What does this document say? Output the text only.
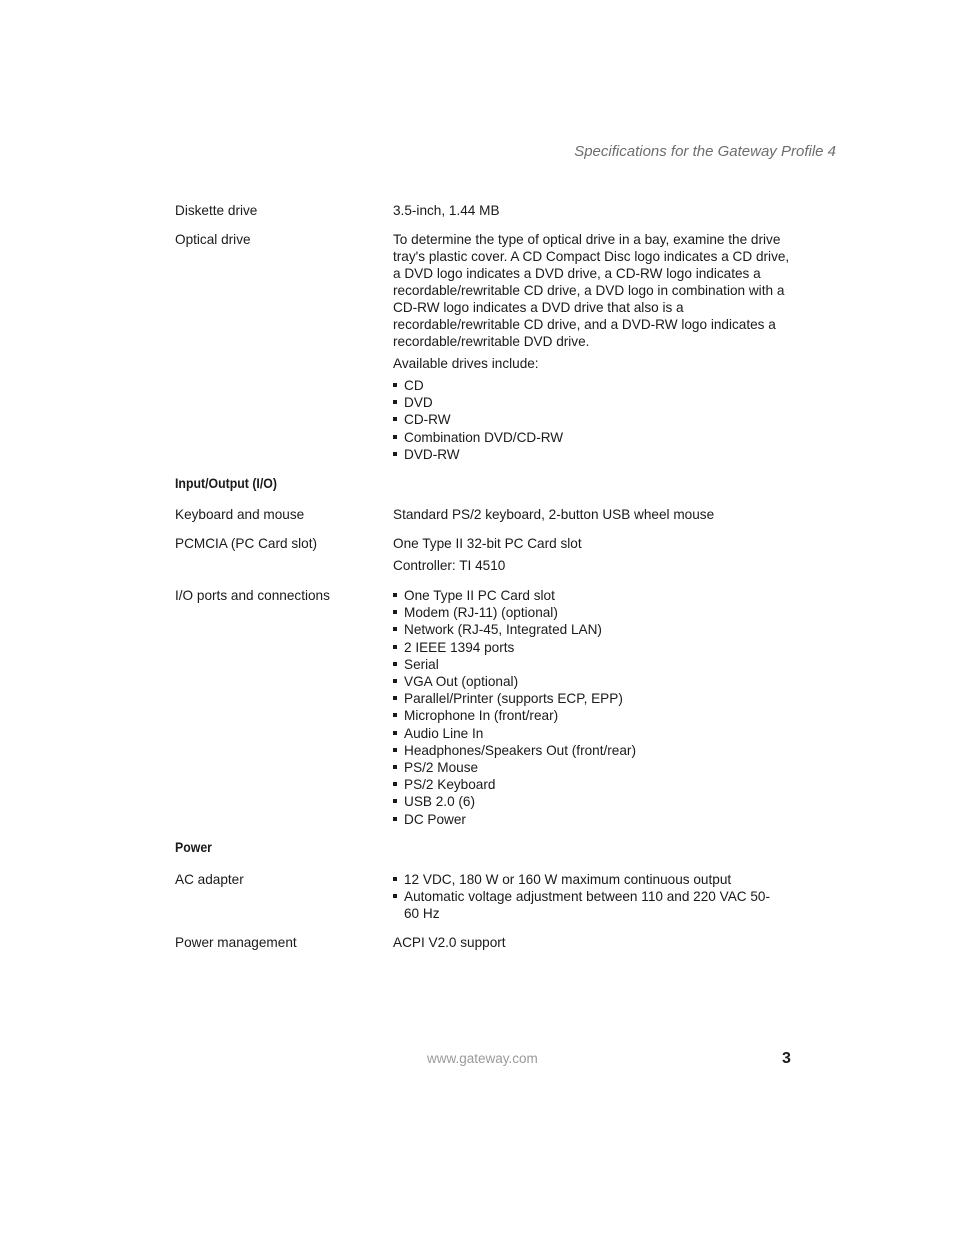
Specifications for the Gateway Profile 4
Diskette drive	3.5-inch, 1.44 MB
Optical drive	To determine the type of optical drive in a bay, examine the drive tray's plastic cover. A CD Compact Disc logo indicates a CD drive, a DVD logo indicates a DVD drive, a CD-RW logo indicates a recordable/rewritable CD drive, a DVD logo in combination with a CD-RW logo indicates a DVD drive that also is a recordable/rewritable CD drive, and a DVD-RW logo indicates a recordable/rewritable DVD drive.

Available drives include:

CD
DVD
CD-RW
Combination DVD/CD-RW
DVD-RW
Input/Output (I/O)
Keyboard and mouse	Standard PS/2 keyboard, 2-button USB wheel mouse
PCMCIA (PC Card slot)	One Type II 32-bit PC Card slot

Controller: TI 4510

I/O ports and connections	One Type II PC Card slot
Modem (RJ-11) (optional)
Network (RJ-45, Integrated LAN)
2 IEEE 1394 ports
Serial
VGA Out (optional)
Parallel/Printer (supports ECP, EPP)
Microphone In (front/rear)
Audio Line In
Headphones/Speakers Out (front/rear)
PS/2 Mouse
PS/2 Keyboard
USB 2.0 (6)
DC Power
Power
AC adapter	12 VDC, 180 W or 160 W maximum continuous output
Automatic voltage adjustment between 110 and 220 VAC 50-60 Hz
Power management	ACPI V2.0 support
www.gateway.com	3
